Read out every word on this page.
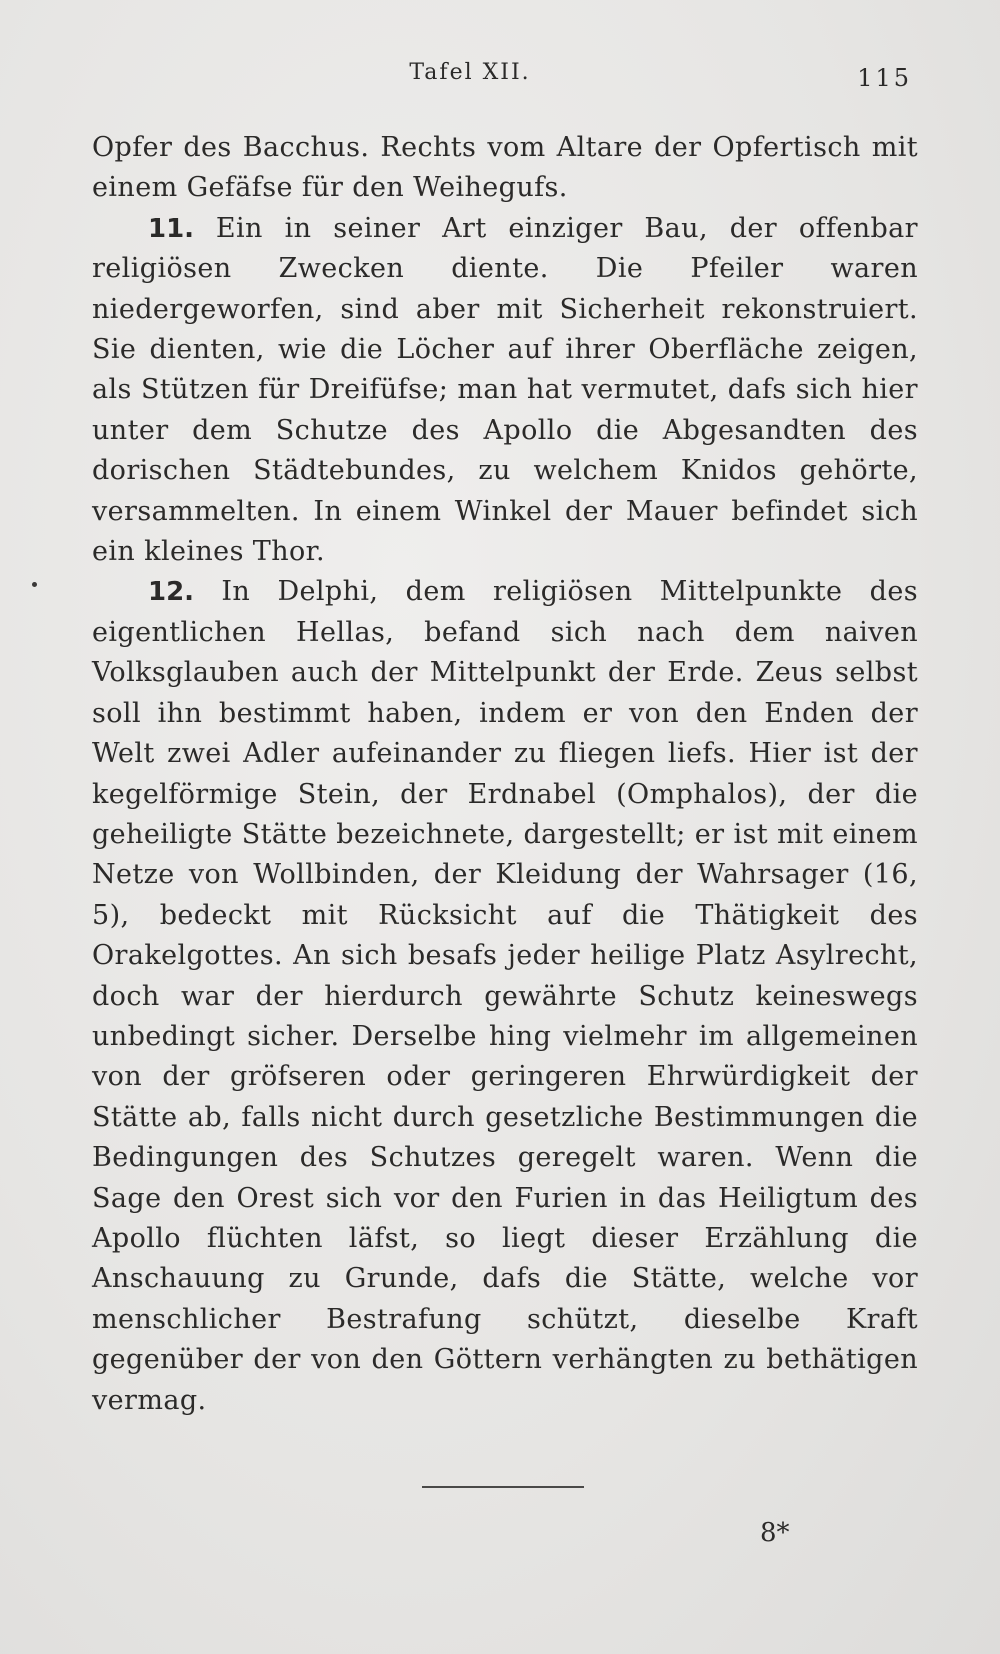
Tafel XII.	115

Opfer des Bacchus. Rechts vom Altare der Opfertisch mit einem Gefäfse für den Weihegufs.

11. Ein in seiner Art einziger Bau, der offenbar religiösen Zwecken diente. Die Pfeiler waren niedergeworfen, sind aber mit Sicherheit rekonstruiert. Sie dienten, wie die Löcher auf ihrer Oberfläche zeigen, als Stützen für Dreifüfse; man hat vermutet, dafs sich hier unter dem Schutze des Apollo die Abgesandten des dorischen Städtebundes, zu welchem Knidos gehörte, versammelten. In einem Winkel der Mauer befindet sich ein kleines Thor.

12. In Delphi, dem religiösen Mittelpunkte des eigentlichen Hellas, befand sich nach dem naiven Volksglauben auch der Mittelpunkt der Erde. Zeus selbst soll ihn bestimmt haben, indem er von den Enden der Welt zwei Adler aufeinander zu fliegen liefs. Hier ist der kegelförmige Stein, der Erdnabel (Omphalos), der die geheiligte Stätte bezeichnete, dargestellt; er ist mit einem Netze von Wollbinden, der Kleidung der Wahrsager (16, 5), bedeckt mit Rücksicht auf die Thätigkeit des Orakelgottes. An sich besafs jeder heilige Platz Asylrecht, doch war der hierdurch gewährte Schutz keineswegs unbedingt sicher. Derselbe hing vielmehr im allgemeinen von der gröfseren oder geringeren Ehrwürdigkeit der Stätte ab, falls nicht durch gesetzliche Bestimmungen die Bedingungen des Schutzes geregelt waren. Wenn die Sage den Orest sich vor den Furien in das Heiligtum des Apollo flüchten läfst, so liegt dieser Erzählung die Anschauung zu Grunde, dafs die Stätte, welche vor menschlicher Bestrafung schützt, dieselbe Kraft gegenüber der von den Göttern verhängten zu bethätigen vermag.

8*
